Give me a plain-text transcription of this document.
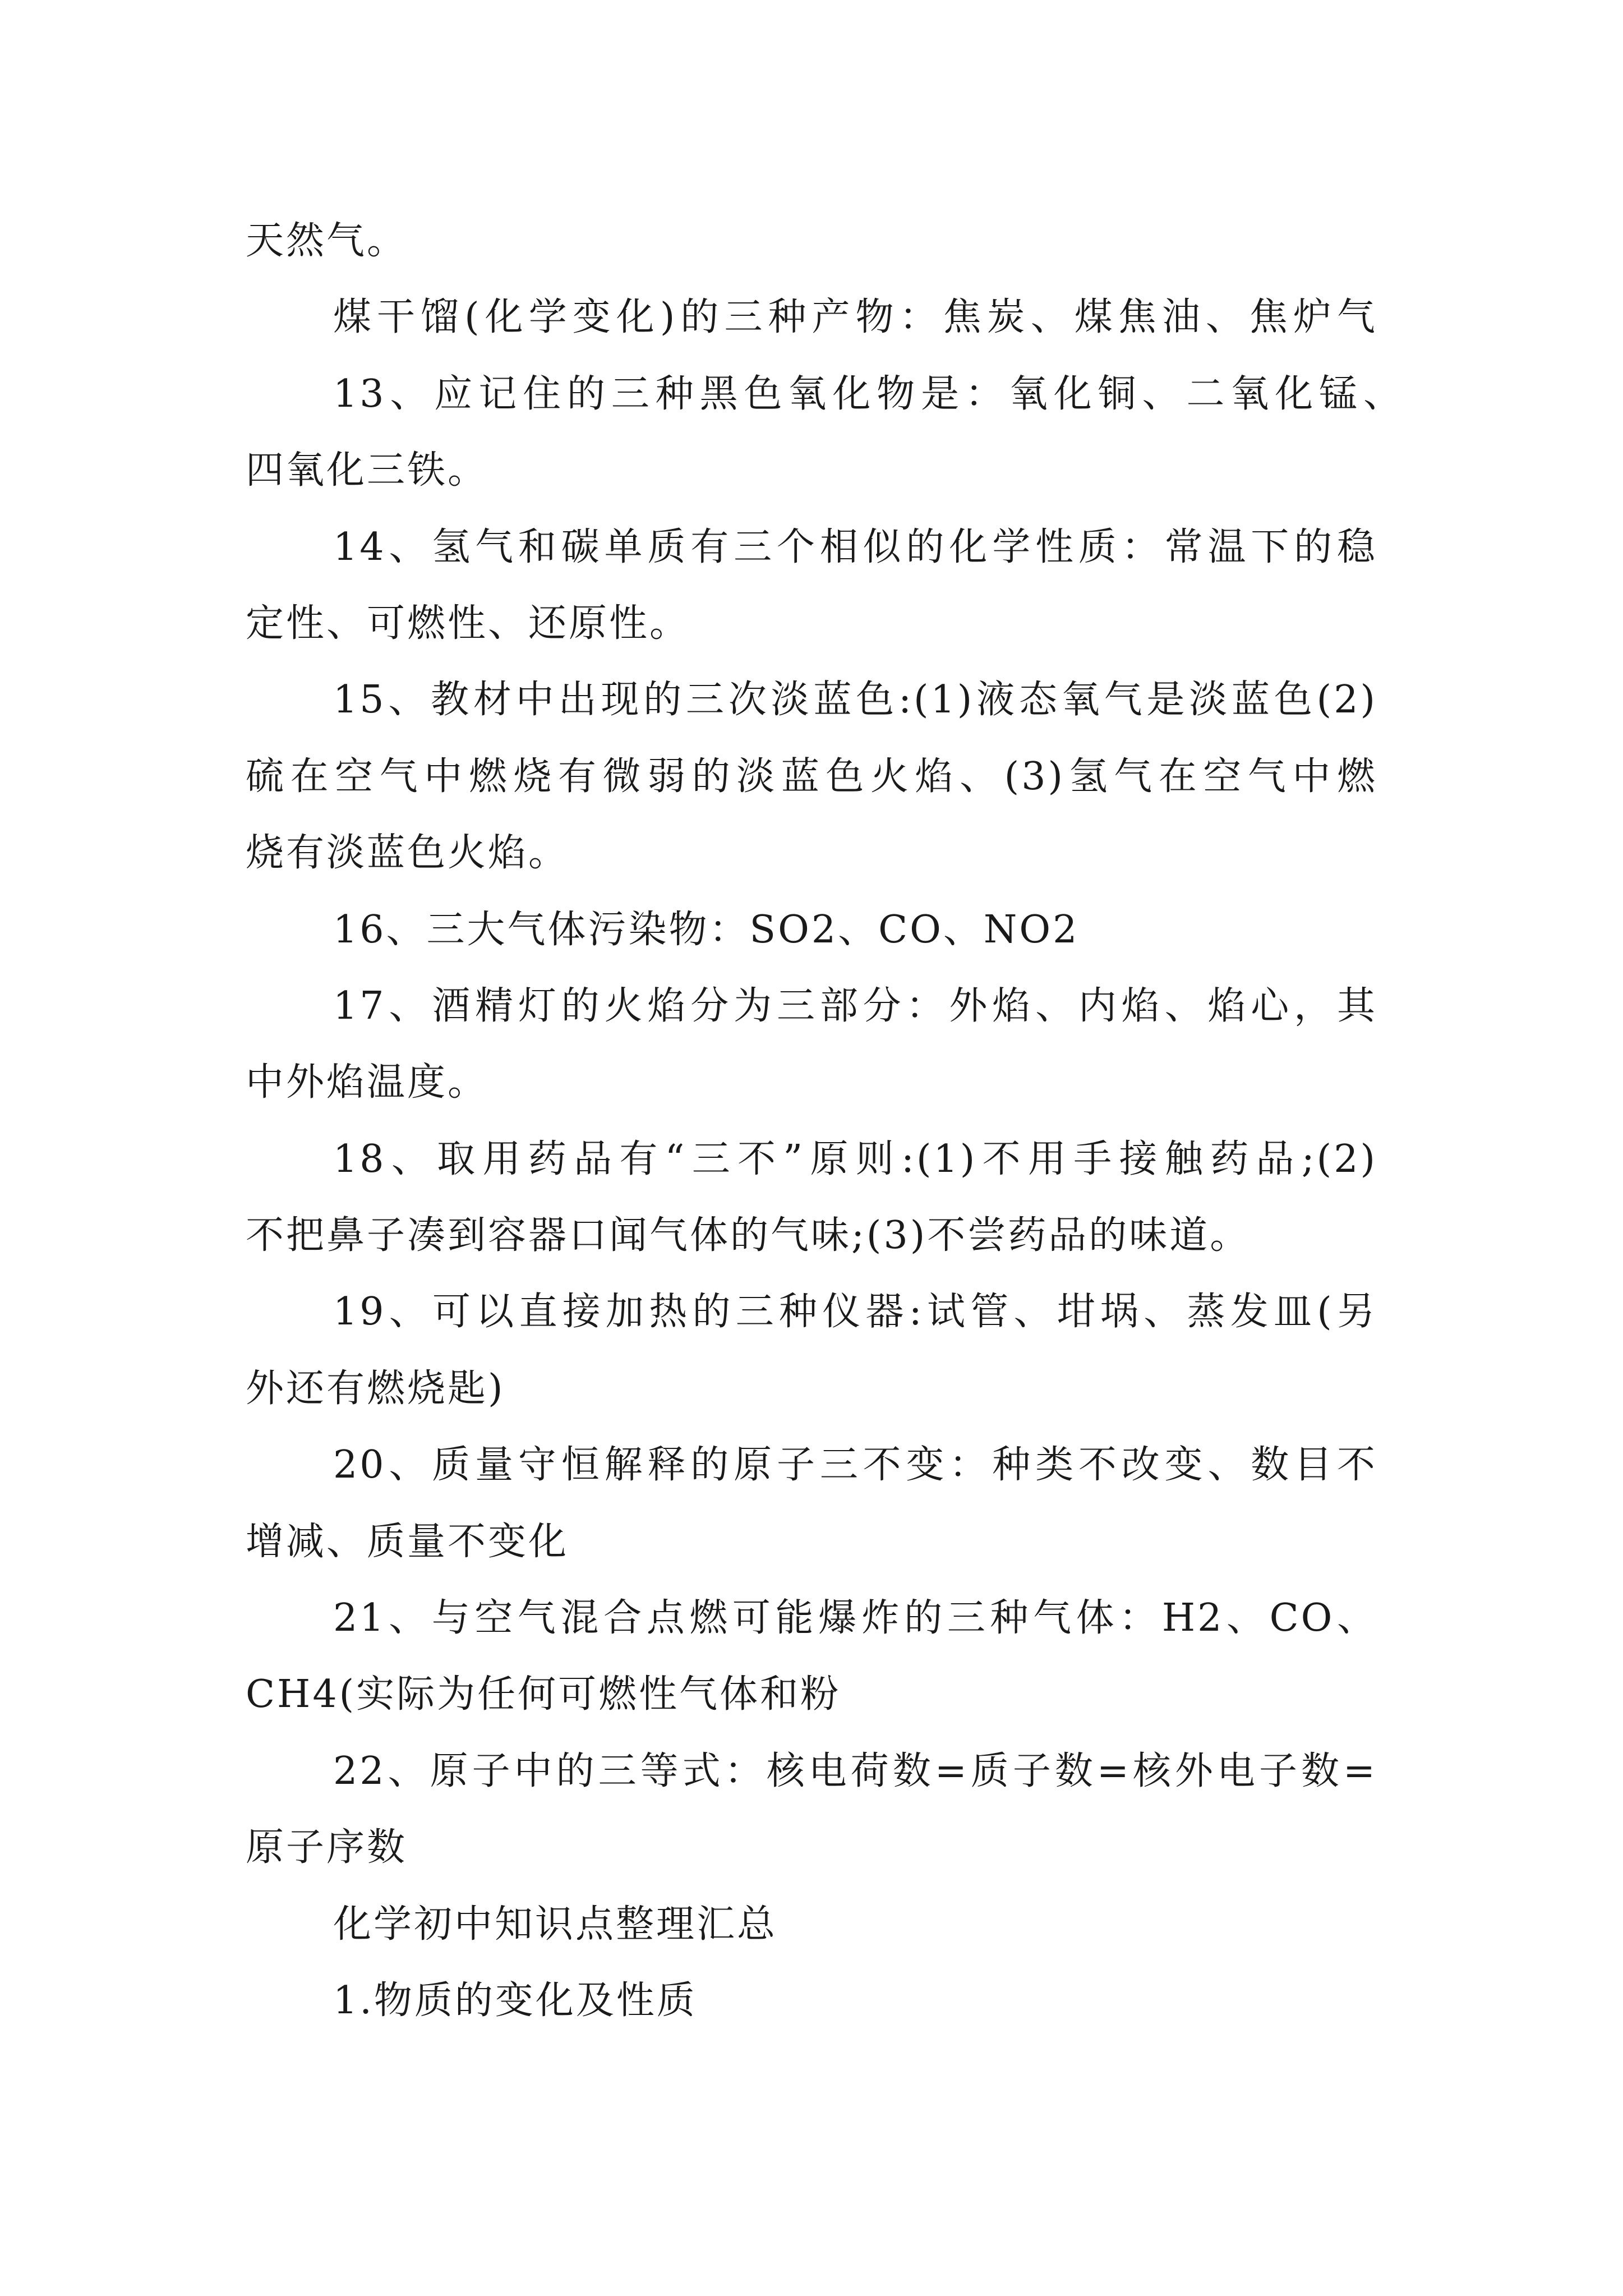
天然气。
煤干馏(化学变化)的三种产物：焦炭、煤焦油、焦炉气
13、应记住的三种黑色氧化物是：氧化铜、二氧化锰、
四氧化三铁。
14、氢气和碳单质有三个相似的化学性质：常温下的稳
定性、可燃性、还原性。
15、教材中出现的三次淡蓝色:(1)液态氧气是淡蓝色(2)
硫在空气中燃烧有微弱的淡蓝色火焰、(3)氢气在空气中燃
烧有淡蓝色火焰。
16、三大气体污染物：SO2、CO、NO2
17、酒精灯的火焰分为三部分：外焰、内焰、焰心，其
中外焰温度。
18、取用药品有“三不”原则:(1)不用手接触药品;(2)
不把鼻子凑到容器口闻气体的气味;(3)不尝药品的味道。
19、可以直接加热的三种仪器:试管、坩埚、蒸发皿(另
外还有燃烧匙)
20、质量守恒解释的原子三不变：种类不改变、数目不
增减、质量不变化
21、与空气混合点燃可能爆炸的三种气体：H2、CO、
CH4(实际为任何可燃性气体和粉
22、原子中的三等式：核电荷数=质子数=核外电子数=
原子序数
化学初中知识点整理汇总
1.物质的变化及性质
